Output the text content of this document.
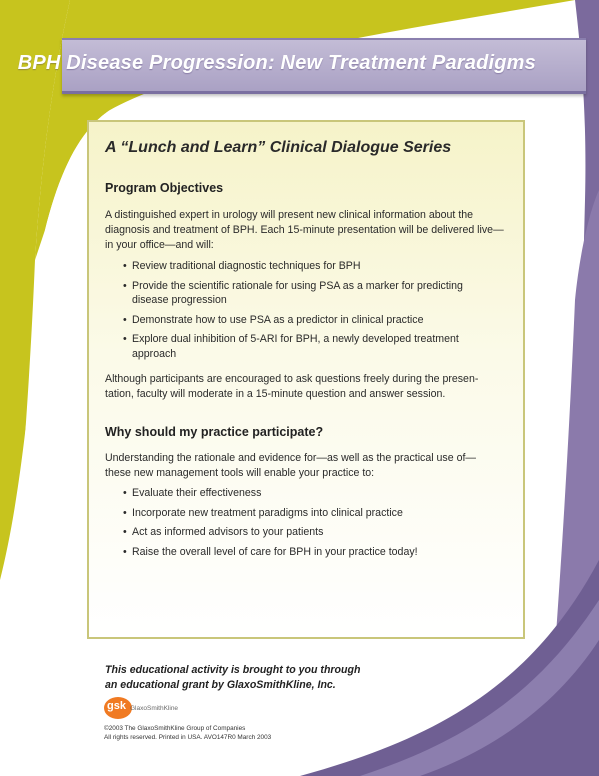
BPH Disease Progression: New Treatment Paradigms
A “Lunch and Learn” Clinical Dialogue Series
Program Objectives
A distinguished expert in urology will present new clinical information about the
diagnosis and treatment of BPH. Each 15-minute presentation will be delivered live—
in your office—and will:
• Review traditional diagnostic techniques for BPH
• Provide the scientific rationale for using PSA as a marker for predicting
disease progression
• Demonstrate how to use PSA as a predictor in clinical practice
• Explore dual inhibition of 5-ARI for BPH, a newly developed treatment
approach
Although participants are encouraged to ask questions freely during the presen-
tation, faculty will moderate in a 15-minute question and answer session.
Why should my practice participate?
Understanding the rationale and evidence for—as well as the practical use of—
these new management tools will enable your practice to:
• Evaluate their effectiveness
• Incorporate new treatment paradigms into clinical practice
• Act as informed advisors to your patients
• Raise the overall level of care for BPH in your practice today!
This educational activity is brought to you through
an educational grant by GlaxoSmithKline, Inc.
gsk GlaxoSmithKline
©2003 The GlaxoSmithKline Group of Companies
All rights reserved. Printed in USA. AVO147R0 March 2003
